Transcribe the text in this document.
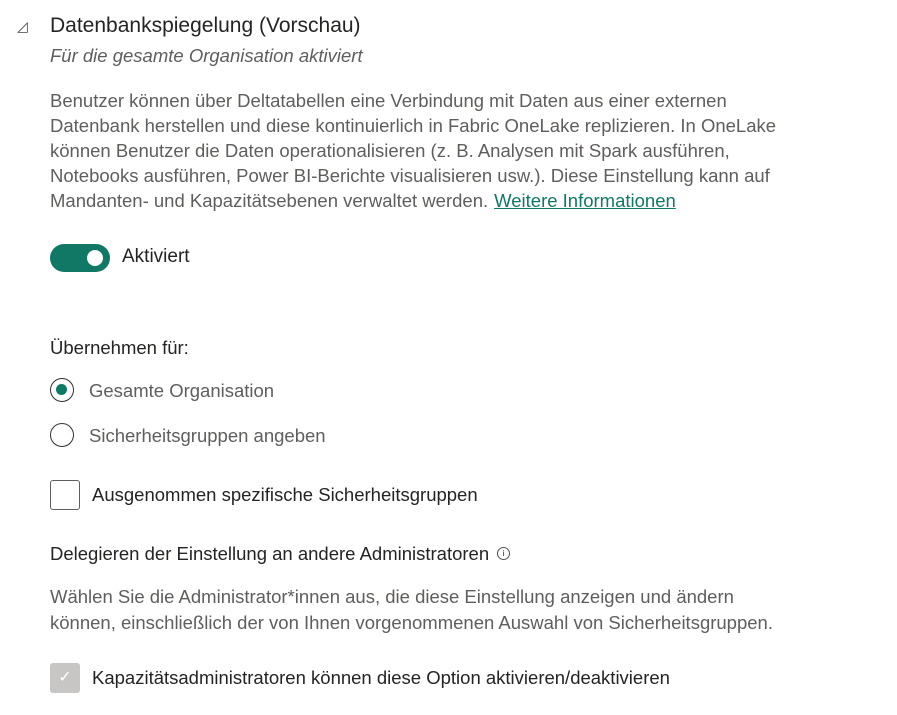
◿ Datenbankspiegelung (Vorschau)
Für die gesamte Organisation aktiviert
Benutzer können über Deltatabellen eine Verbindung mit Daten aus einer externen
Datenbank herstellen und diese kontinuierlich in Fabric OneLake replizieren. In OneLake
können Benutzer die Daten operationalisieren (z. B. Analysen mit Spark ausführen,
Notebooks ausführen, Power BI-Berichte visualisieren usw.). Diese Einstellung kann auf
Mandanten- und Kapazitätsebenen verwaltet werden. Weitere Informationen
Aktiviert
Übernehmen für:
Gesamte Organisation
Sicherheitsgruppen angeben
Ausgenommen spezifische Sicherheitsgruppen
Delegieren der Einstellung an andere Administratoren i
Wählen Sie die Administrator*innen aus, die diese Einstellung anzeigen und ändern
können, einschließlich der von Ihnen vorgenommenen Auswahl von Sicherheitsgruppen.
✓	Kapazitätsadministratoren können diese Option aktivieren/deaktivieren
